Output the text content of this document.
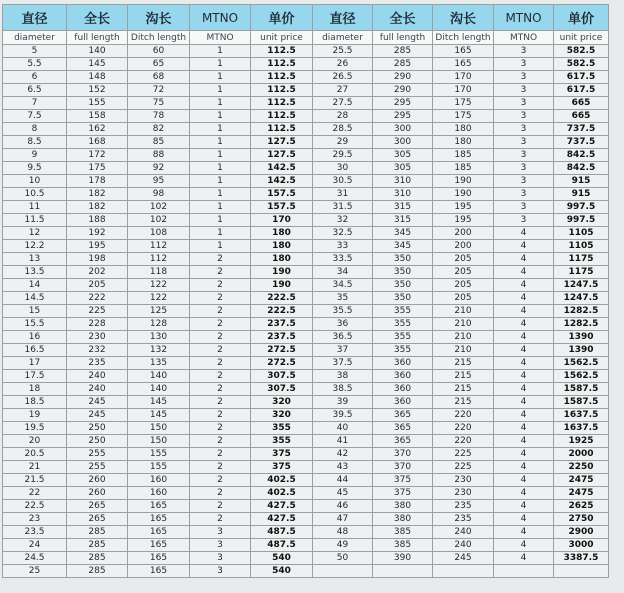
直径	全长	沟长	MTNO	单价	直径	全长	沟长	MTNO	单价
diameter	full length	Ditch length	MTNO	unit price	diameter	full length	Ditch length	MTNO	unit price
5	140	60	1	112.5	25.5	285	165	3	582.5
5.5	145	65	1	112.5	26	285	165	3	582.5
6	148	68	1	112.5	26.5	290	170	3	617.5
6.5	152	72	1	112.5	27	290	170	3	617.5
7	155	75	1	112.5	27.5	295	175	3	665
7.5	158	78	1	112.5	28	295	175	3	665
8	162	82	1	112.5	28.5	300	180	3	737.5
8.5	168	85	1	127.5	29	300	180	3	737.5
9	172	88	1	127.5	29.5	305	185	3	842.5
9.5	175	92	1	142.5	30	305	185	3	842.5
10	178	95	1	142.5	30.5	310	190	3	915
10.5	182	98	1	157.5	31	310	190	3	915
11	182	102	1	157.5	31.5	315	195	3	997.5
11.5	188	102	1	170	32	315	195	3	997.5
12	192	108	1	180	32.5	345	200	4	1105
12.2	195	112	1	180	33	345	200	4	1105
13	198	112	2	180	33.5	350	205	4	1175
13.5	202	118	2	190	34	350	205	4	1175
14	205	122	2	190	34.5	350	205	4	1247.5
14.5	222	122	2	222.5	35	350	205	4	1247.5
15	225	125	2	222.5	35.5	355	210	4	1282.5
15.5	228	128	2	237.5	36	355	210	4	1282.5
16	230	130	2	237.5	36.5	355	210	4	1390
16.5	232	132	2	272.5	37	355	210	4	1390
17	235	135	2	272.5	37.5	360	215	4	1562.5
17.5	240	140	2	307.5	38	360	215	4	1562.5
18	240	140	2	307.5	38.5	360	215	4	1587.5
18.5	245	145	2	320	39	360	215	4	1587.5
19	245	145	2	320	39.5	365	220	4	1637.5
19.5	250	150	2	355	40	365	220	4	1637.5
20	250	150	2	355	41	365	220	4	1925
20.5	255	155	2	375	42	370	225	4	2000
21	255	155	2	375	43	370	225	4	2250
21.5	260	160	2	402.5	44	375	230	4	2475
22	260	160	2	402.5	45	375	230	4	2475
22.5	265	165	2	427.5	46	380	235	4	2625
23	265	165	2	427.5	47	380	235	4	2750
23.5	285	165	3	487.5	48	385	240	4	2900
24	285	165	3	487.5	49	385	240	4	3000
24.5	285	165	3	540	50	390	245	4	3387.5
25	285	165	3	540					
